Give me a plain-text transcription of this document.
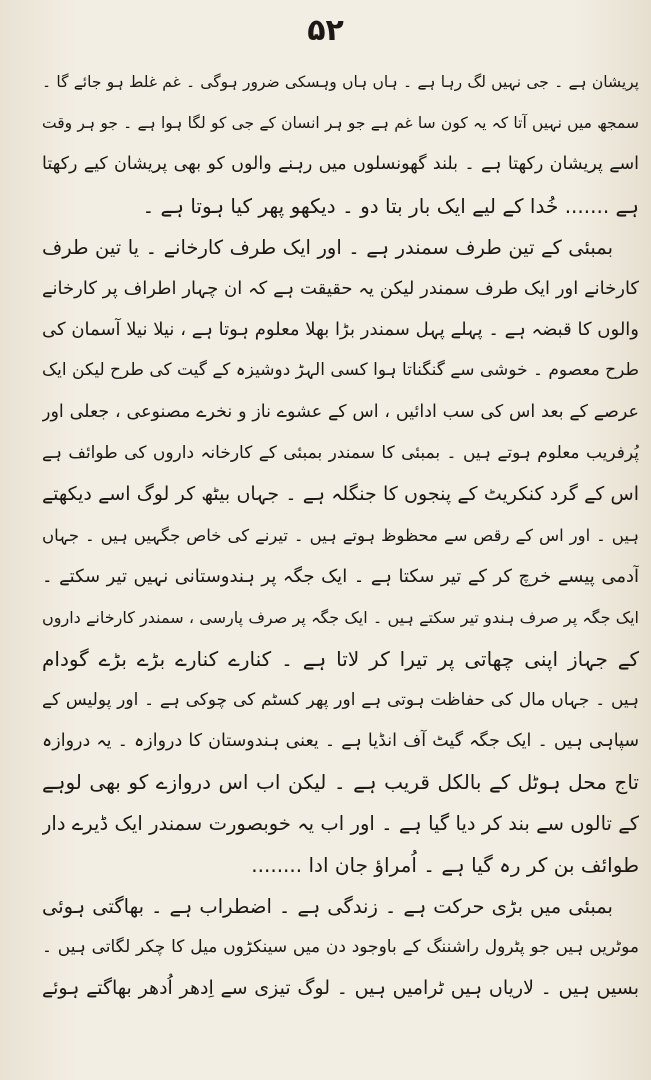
۵۲
پریشان ہے ۔ جی نہیں لگ رہا ہے ۔ ہاں ہاں وہسکی ضرور ہوگی ۔ غم غلط ہو جائے گا ۔
سمجھ میں نہیں آتا کہ یہ کون سا غم ہے جو ہر انسان کے جی کو لگا ہوا ہے ۔ جو ہر وقت
اسے پریشان رکھتا ہے ۔ بلند گھونسلوں میں رہنے والوں کو بھی پریشان کیے رکھتا
ہے ....... خُدا کے لیے ایک بار بتا دو ۔ دیکھو پھر کیا ہوتا ہے ۔
بمبئی کے تین طرف سمندر ہے ۔ اور ایک طرف کارخانے ۔ یا تین طرف
کارخانے اور ایک طرف سمندر لیکن یہ حقیقت ہے کہ ان چہار اطراف پر کارخانے
والوں کا قبضہ ہے ۔ پہلے پہل سمندر بڑا بھلا معلوم ہوتا ہے ، نیلا نیلا آسمان کی
طرح معصوم ۔ خوشی سے گنگناتا ہوا کسی الہڑ دوشیزہ کے گیت کی طرح لیکن ایک
عرصے کے بعد اس کی سب ادائیں ، اس کے عشوے ناز و نخرے مصنوعی ، جعلی اور
پُرفریب معلوم ہوتے ہیں ۔ بمبئی کا سمندر بمبئی کے کارخانہ داروں کی طوائف ہے
اس کے گرد کنکریٹ کے پنجوں کا جنگلہ ہے ۔ جہاں بیٹھ کر لوگ اسے دیکھتے
ہیں ۔ اور اس کے رقص سے محظوظ ہوتے ہیں ۔ تیرنے کی خاص جگہیں ہیں ۔ جہاں
آدمی پیسے خرچ کر کے تیر سکتا ہے ۔ ایک جگہ پر ہندوستانی نہیں تیر سکتے ۔
ایک جگہ پر صرف ہندو تیر سکتے ہیں ۔ ایک جگہ پر صرف پارسی ، سمندر کارخانے داروں
کے جہاز اپنی چھاتی پر تیرا کر لاتا ہے ۔ کنارے کنارے بڑے بڑے گودام
ہیں ۔ جہاں مال کی حفاظت ہوتی ہے اور پھر کسٹم کی چوکی ہے ۔ اور پولیس کے
سپاہی ہیں ۔ ایک جگہ گیٹ آف انڈیا ہے ۔ یعنی ہندوستان کا دروازہ ۔ یہ دروازہ
تاج محل ہوٹل کے بالکل قریب ہے ۔ لیکن اب اس دروازے کو بھی لوہے
کے تالوں سے بند کر دیا گیا ہے ۔ اور اب یہ خوبصورت سمندر ایک ڈیرے دار
طوائف بن کر رہ گیا ہے ۔ اُمراؤ جان ادا ........
بمبئی میں بڑی حرکت ہے ۔ زندگی ہے ۔ اضطراب ہے ۔ بھاگتی ہوئی
موٹریں ہیں جو پٹرول راشننگ کے باوجود دن میں سینکڑوں میل کا چکر لگاتی ہیں ۔
بسیں ہیں ۔ لاریاں ہیں ٹرامیں ہیں ۔ لوگ تیزی سے اِدھر اُدھر بھاگتے ہوئے
